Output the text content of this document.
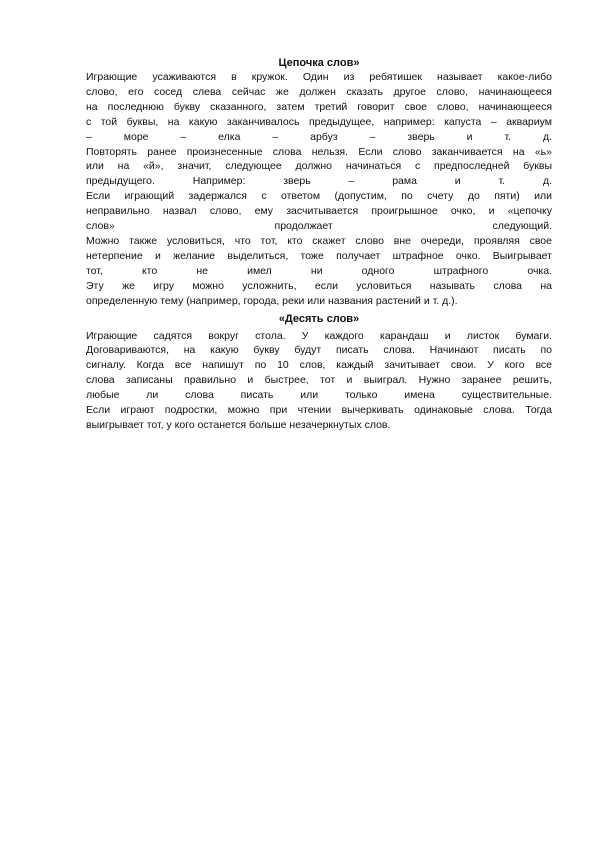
Цепочка слов»

Играющие усаживаются в кружок. Один из ребятишек называет какое-либо
слово, его сосед слева сейчас же должен сказать другое слово, начинающееся
на последнюю букву сказанного, затем третий говорит свое слово, начинающееся
с той буквы, на какую заканчивалось предыдущее, например: капуста – аквариум
– море – елка – арбуз – зверь и т. д.

Повторять ранее произнесенные слова нельзя. Если слово заканчивается на «ь»
или на «й», значит, следующее должно начинаться с предпоследней буквы
предыдущего. Например: зверь – рама и т. д.

Если играющий задержался с ответом (допустим, по счету до пяти) или
неправильно назвал слово, ему засчитывается проигрышное очко, и «цепочку
слов» продолжает следующий.

Можно также условиться, что тот, кто скажет слово вне очереди, проявляя свое
нетерпение и желание выделиться, тоже получает штрафное очко. Выигрывает
тот, кто не имел ни одного штрафного очка.

Эту же игру можно усложнить, если условиться называть слова на
определенную тему (например, города, реки или названия растений и т. д.).

«Десять слов»

Играющие садятся вокруг стола. У каждого карандаш и листок бумаги.
Договариваются, на какую букву будут писать слова. Начинают писать по
сигналу. Когда все напишут по 10 слов, каждый зачитывает свои. У кого все
слова записаны правильно и быстрее, тот и выиграл. Нужно заранее решить,
любые ли слова писать или только имена существительные.

Если играют подростки, можно при чтении вычеркивать одинаковые слова. Тогда
выигрывает тот, у кого останется больше незачеркнутых слов.
